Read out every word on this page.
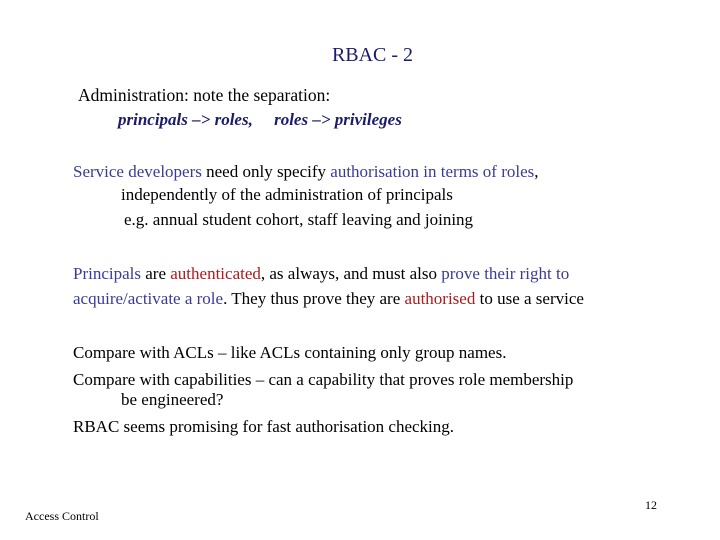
RBAC - 2
Administration: note the separation:
principals –> roles, roles –> privileges
Service developers need only specify authorisation in terms of roles,
independently of the administration of principals
e.g. annual student cohort, staff leaving and joining
Principals are authenticated, as always, and must also prove their right to
acquire/activate a role. They thus prove they are authorised to use a service
Compare with ACLs – like ACLs containing only group names.
Compare with capabilities – can a capability that proves role membership
be engineered?
RBAC seems promising for fast authorisation checking.
Access Control
12
